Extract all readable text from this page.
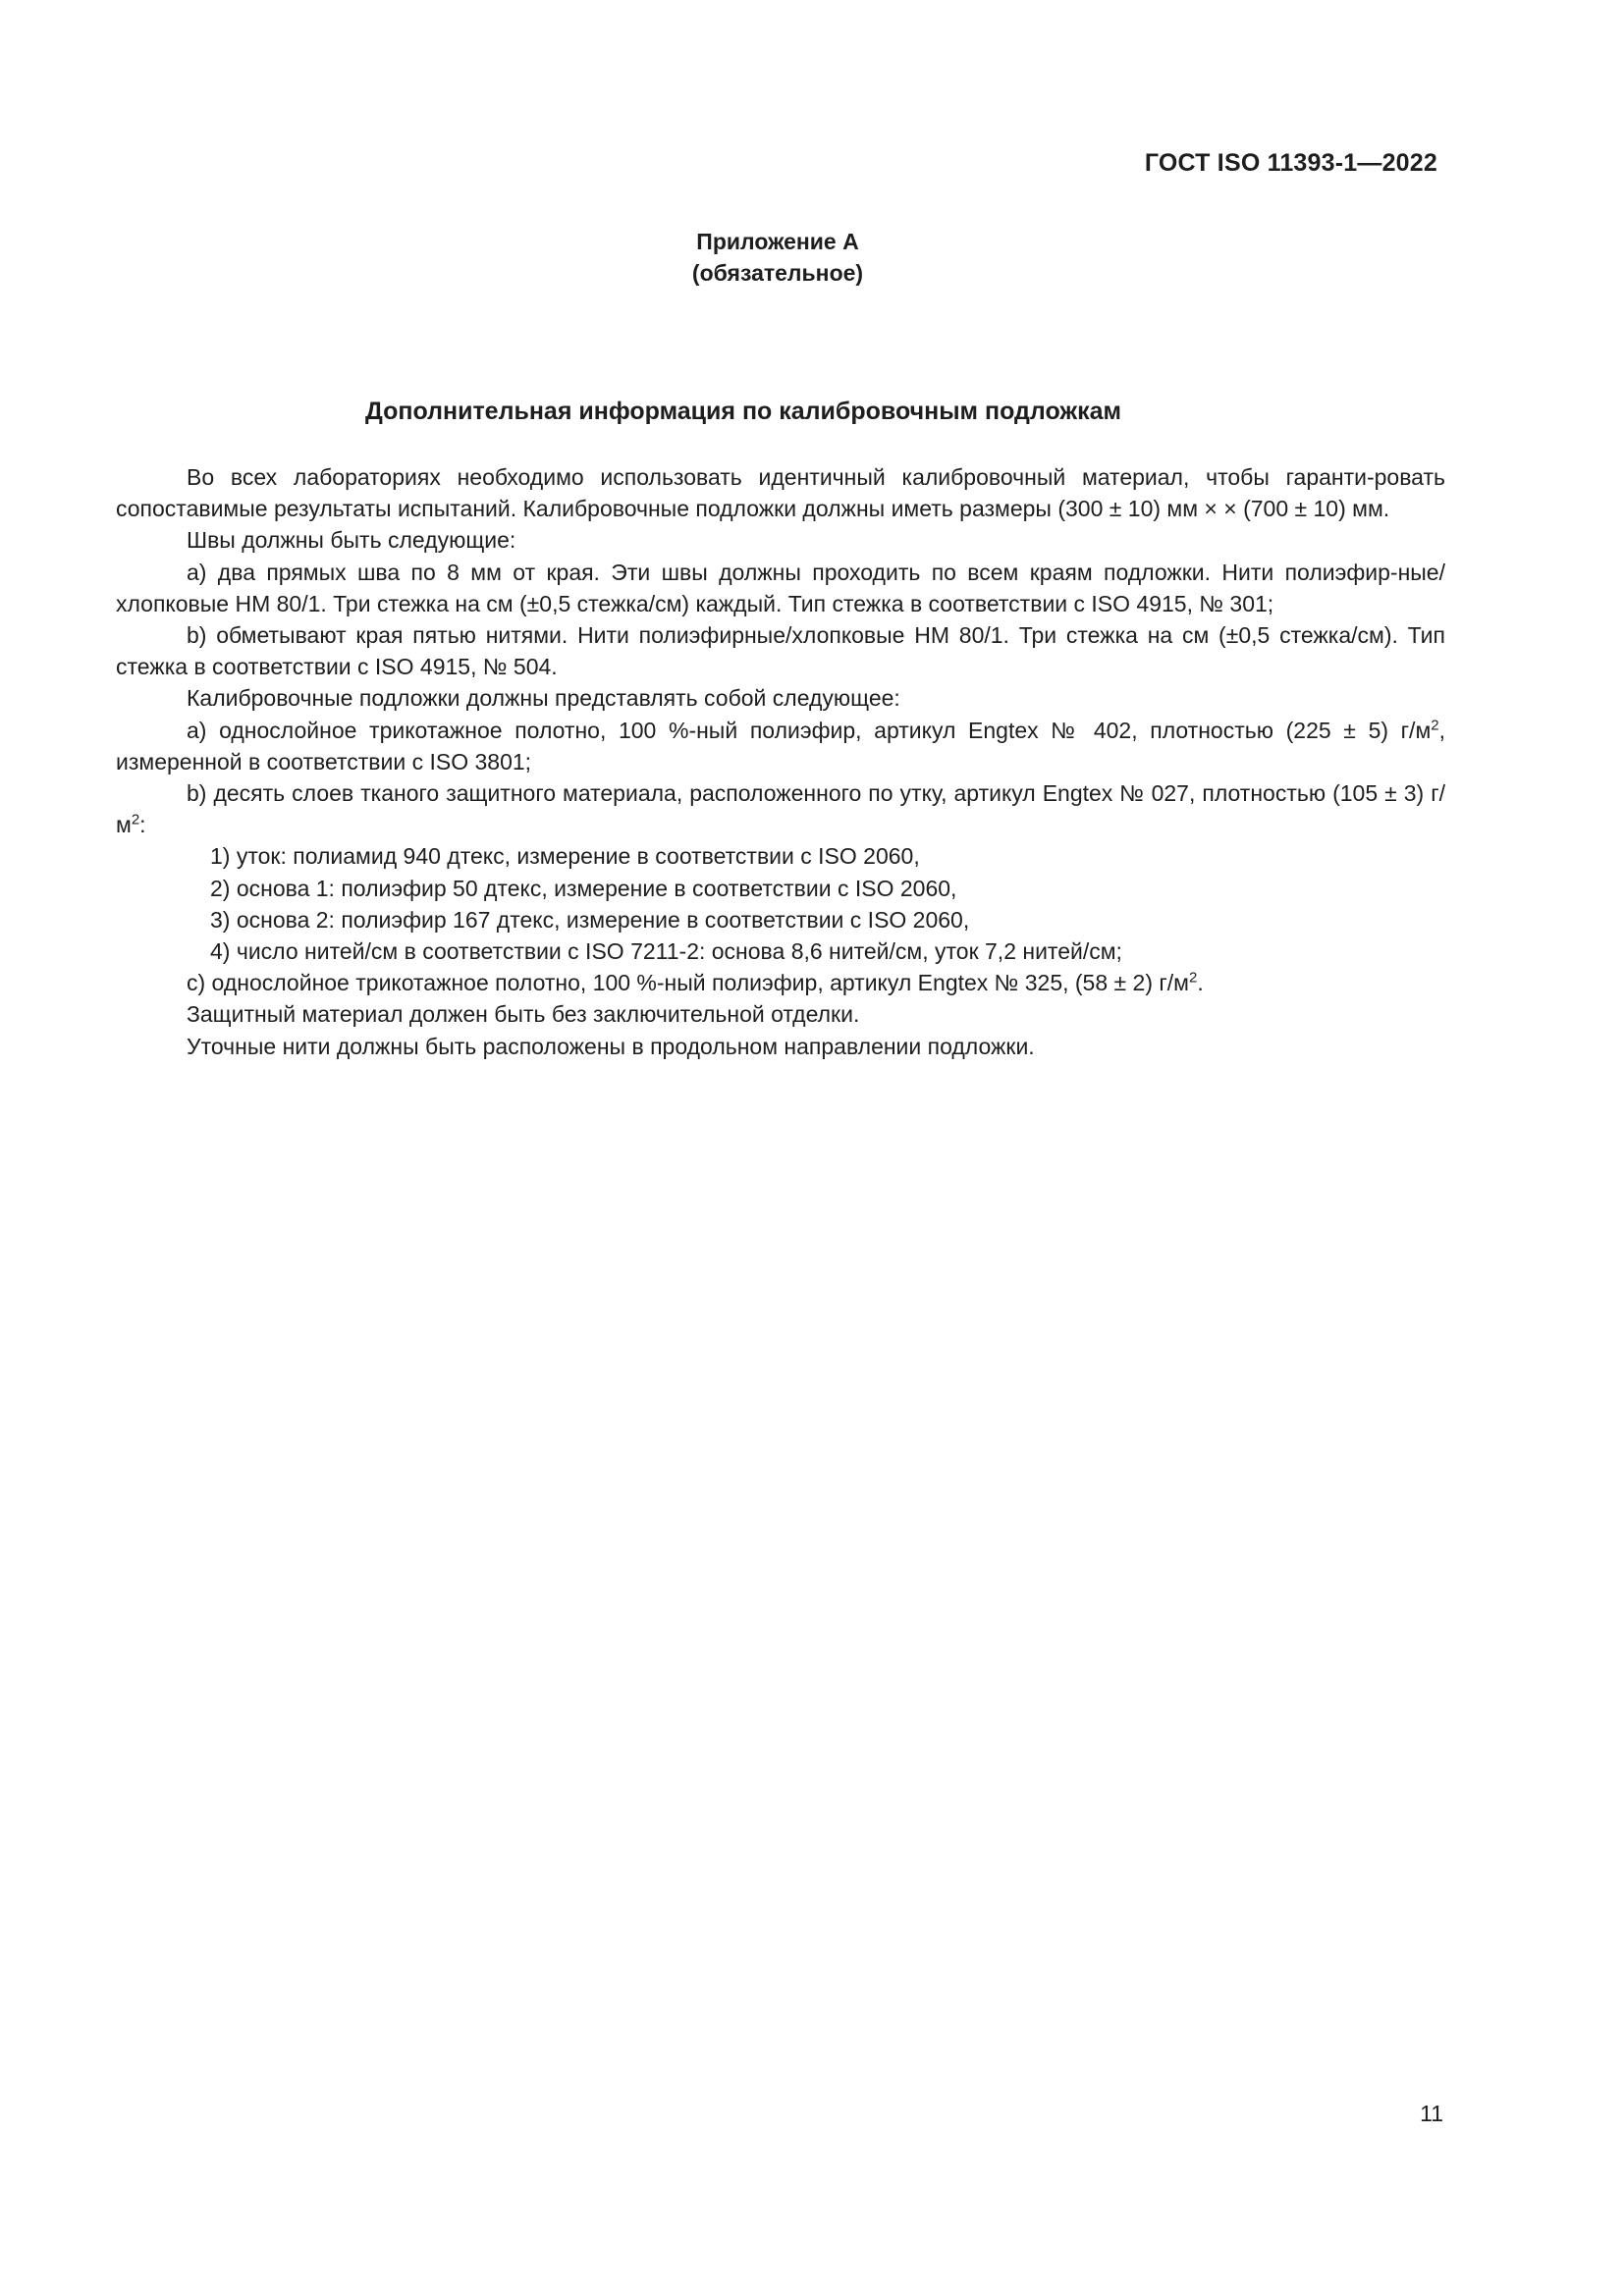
ГОСТ ISO 11393-1—2022
Приложение А
(обязательное)
Дополнительная информация по калибровочным подложкам

Во всех лабораториях необходимо использовать идентичный калибровочный материал, чтобы гаранти-ровать сопоставимые результаты испытаний. Калибровочные подложки должны иметь размеры (300 ± 10) мм × × (700 ± 10) мм.

Швы должны быть следующие:

a) два прямых шва по 8 мм от края. Эти швы должны проходить по всем краям подложки. Нити полиэфир-ные/хлопковые НМ 80/1. Три стежка на см (±0,5 стежка/см) каждый. Тип стежка в соответствии с ISO 4915, № 301;

b) обметывают края пятью нитями. Нити полиэфирные/хлопковые НМ 80/1. Три стежка на см (±0,5 стежка/см). Тип стежка в соответствии с ISO 4915, № 504.

Калибровочные подложки должны представлять собой следующее:

a) однослойное трикотажное полотно, 100 %-ный полиэфир, артикул Engtex № 402, плотностью (225 ± 5) $г/м^2$, измеренной в соответствии с ISO 3801;

b) десять слоев тканого защитного материала, расположенного по утку, артикул Engtex № 027, плотностью (105 ± 3) $г/м^2$:

1) уток: полиамид 940 дтекс, измерение в соответствии с ISO 2060,

2) основа 1: полиэфир 50 дтекс, измерение в соответствии с ISO 2060,

3) основа 2: полиэфир 167 дтекс, измерение в соответствии с ISO 2060,

4) число нитей/см в соответствии с ISO 7211-2: основа 8,6 нитей/см, уток 7,2 нитей/см;

c) однослойное трикотажное полотно, 100 %-ный полиэфир, артикул Engtex № 325, (58 ± 2) $г/м^2$.

Защитный материал должен быть без заключительной отделки.

Уточные нити должны быть расположены в продольном направлении подложки.

11
